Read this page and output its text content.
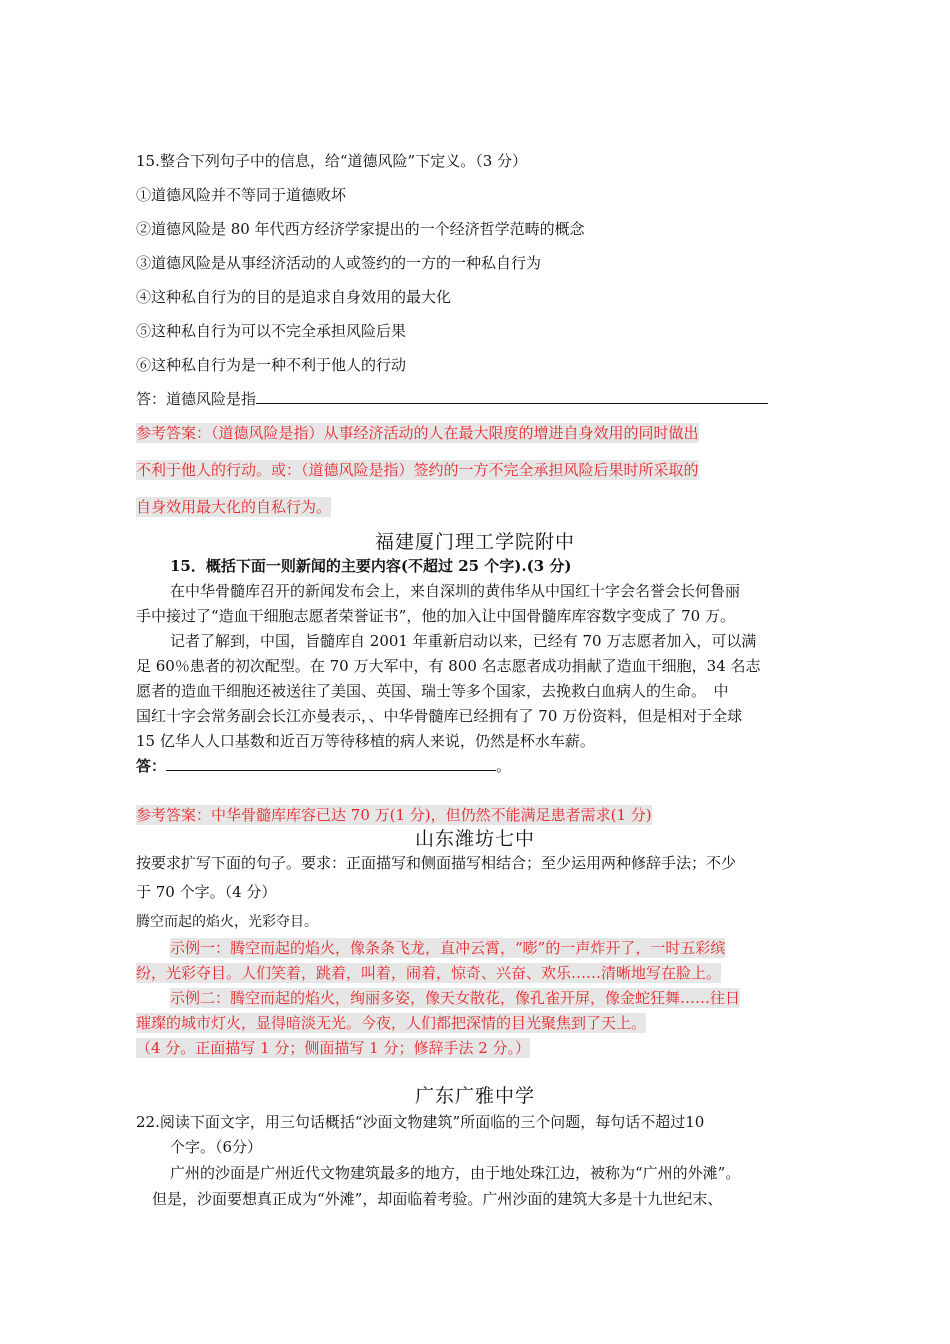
15.整合下列句子中的信息，给“道德风险”下定义。（3 分）
①道德风险并不等同于道德败坏
②道德风险是 80 年代西方经济学家提出的一个经济哲学范畴的概念
③道德风险是从事经济活动的人或签约的一方的一种私自行为
④这种私自行为的目的是追求自身效用的最大化
⑤这种私自行为可以不完全承担风险后果
⑥这种私自行为是一种不利于他人的行动
答：道德风险是指
参考答案：（道德风险是指）从事经济活动的人在最大限度的增进自身效用的同时做出
不利于他人的行动。或：（道德风险是指）签约的一方不完全承担风险后果时所采取的
自身效用最大化的自私行为。
福建厦门理工学院附中
15．概括下面一则新闻的主要内容(不超过 25 个字).(3 分)
在中华骨髓库召开的新闻发布会上，来自深圳的黄伟华从中国红十字会名誉会长何鲁丽
手中接过了“造血干细胞志愿者荣誉证书”，他的加入让中国骨髓库库容数字变成了 70 万。
记者了解到，中国，旨髓库自 2001 年重新启动以来，已经有 70 万志愿者加入，可以满
足 60％患者的初次配型。在 70 万大军中，有 800 名志愿者成功捐献了造血干细胞，34 名志
愿者的造血干细胞还被送往了美国、英国、瑞士等多个国家，去挽救白血病人的生命。　中
国红十字会常务副会长江亦曼表示，、中华骨髓库已经拥有了 70 万份资料，但是相对于全球
15 亿华人人口基数和近百万等待移植的病人来说，仍然是杯水车薪。
答：	。
参考答案：中华骨髓库库容已达 70 万(1 分)，但仍然不能满足患者需求(1 分)
山东潍坊七中
按要求扩写下面的句子。要求：正面描写和侧面描写相结合；至少运用两种修辞手法；不少
于 70 个字。（4 分）
腾空而起的焰火，光彩夺目。
示例一：腾空而起的焰火，像条条飞龙，直冲云霄，“嘭”的一声炸开了，一时五彩缤
纷，光彩夺目。人们笑着，跳着，叫着，闹着，惊奇、兴奋、欢乐……清晰地写在脸上。
示例二：腾空而起的焰火，绚丽多姿，像天女散花，像孔雀开屏，像金蛇狂舞……往日
璀璨的城市灯火，显得暗淡无光。今夜，人们都把深情的目光聚焦到了天上。
（4 分。正面描写 1 分；侧面描写 1 分；修辞手法 2 分。）
广东广雅中学
22.阅读下面文字，用三句话概括“沙面文物建筑”所面临的三个问题，每句话不超过10
个字。（6分）
广州的沙面是广州近代文物建筑最多的地方，由于地处珠江边，被称为“广州的外滩”。
但是，沙面要想真正成为“外滩”，却面临着考验。广州沙面的建筑大多是十九世纪末、
